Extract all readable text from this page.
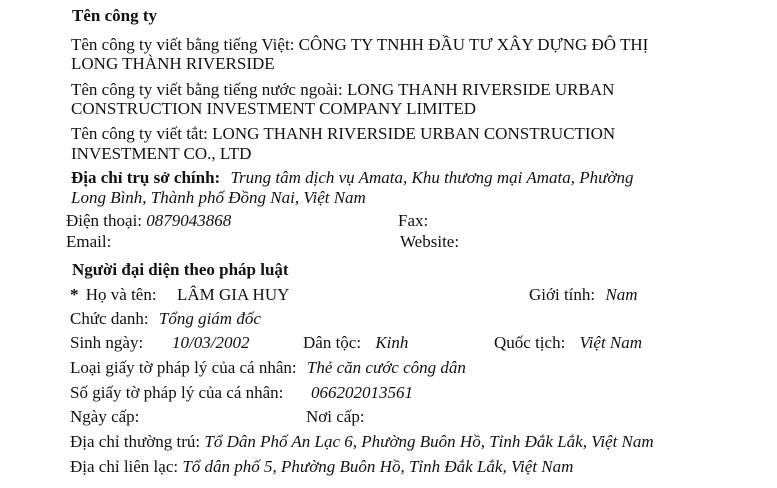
Tên công ty
Tên công ty viết bằng tiếng Việt: CÔNG TY TNHH ĐẦU TƯ XÂY DỰNG ĐÔ THỊ
LONG THÀNH RIVERSIDE
Tên công ty viết bằng tiếng nước ngoài: LONG THANH RIVERSIDE URBAN
CONSTRUCTION INVESTMENT COMPANY LIMITED
Tên công ty viết tắt: LONG THANH RIVERSIDE URBAN CONSTRUCTION
INVESTMENT CO., LTD
Địa chỉ trụ sở chính: Trung tâm dịch vụ Amata, Khu thương mại Amata, Phường
Long Bình, Thành phố Đồng Nai, Việt Nam
Điện thoại: 0879043868	Fax:
Email:	Website:
Người đại diện theo pháp luật
* Họ và tên: LÂM GIA HUY	Giới tính: Nam
Chức danh: Tổng giám đốc
Sinh ngày: 10/03/2002	Dân tộc: Kinh	Quốc tịch: Việt Nam
Loại giấy tờ pháp lý của cá nhân: Thẻ căn cước công dân
Số giấy tờ pháp lý của cá nhân: 066202013561
Ngày cấp:	Nơi cấp:
Địa chỉ thường trú: Tổ Dân Phố An Lạc 6, Phường Buôn Hồ, Tỉnh Đắk Lắk, Việt Nam
Địa chỉ liên lạc: Tổ dân phố 5, Phường Buôn Hồ, Tỉnh Đắk Lắk, Việt Nam
